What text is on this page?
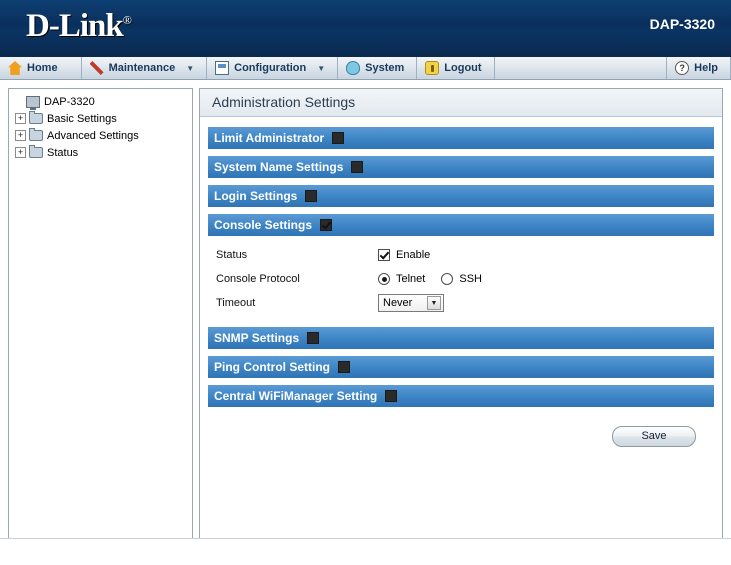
D-Link®	DAP-3320
Home	Maintenance ▼	Configuration ▼	System	Logout	? Help
DAP-3320
+ Basic Settings
+ Advanced Settings
+ Status
Administration Settings
Limit Administrator
System Name Settings
Login Settings
Console Settings
Status	Enable
Console Protocol	Telnet	SSH
Timeout	Never	▼
SNMP Settings
Ping Control Setting
Central WiFiManager Setting
Save
